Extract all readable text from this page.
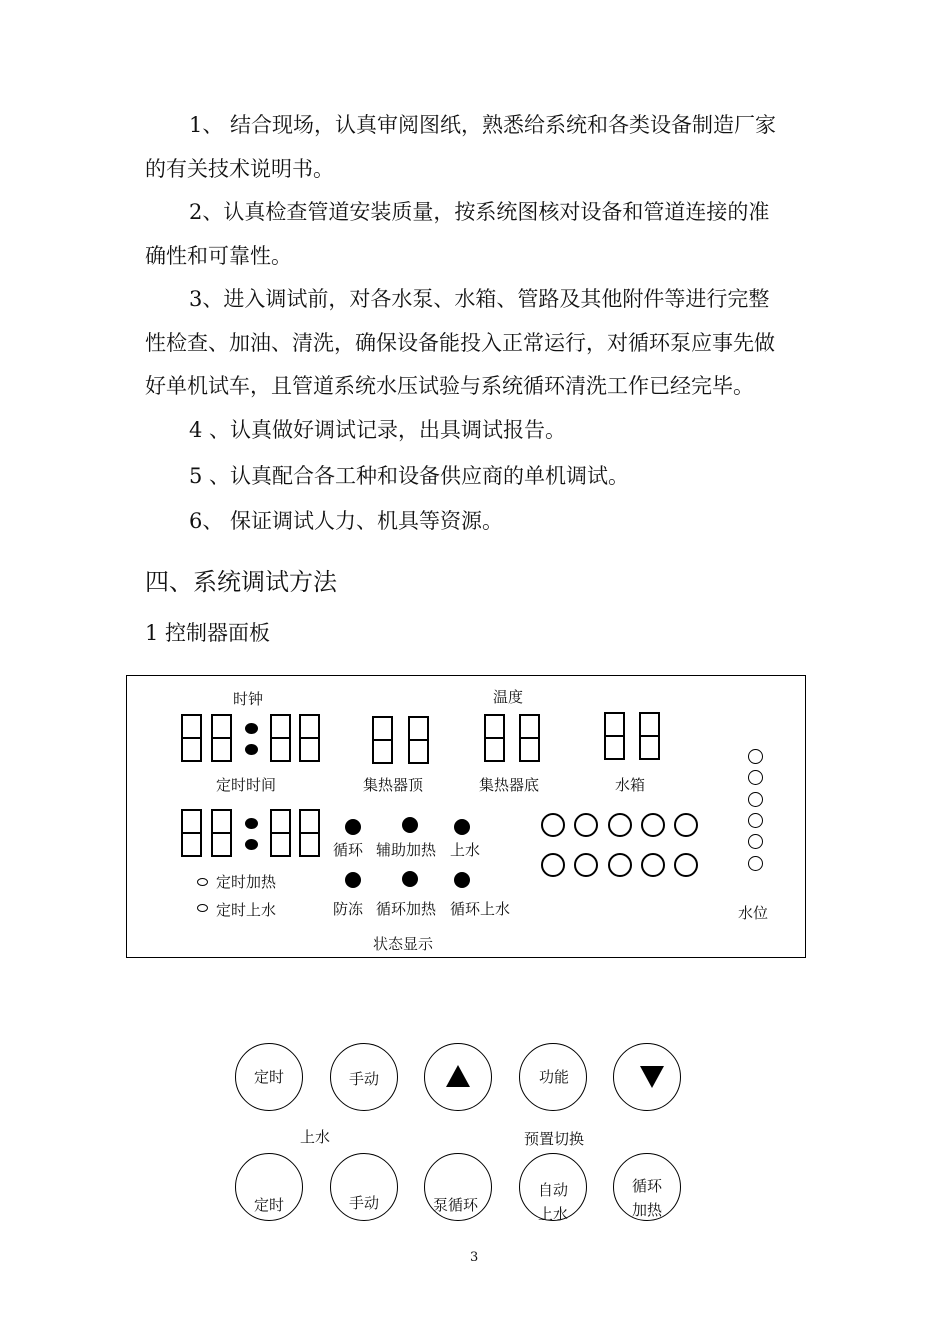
1、 结合现场，认真审阅图纸，熟悉给系统和各类设备制造厂家
的有关技术说明书。
2、认真检查管道安装质量，按系统图核对设备和管道连接的准
确性和可靠性。
3、进入调试前，对各水泵、水箱、管路及其他附件等进行完整
性检查、加油、清洗，确保设备能投入正常运行，对循环泵应事先做
好单机试车，且管道系统水压试验与系统循环清洗工作已经完毕。
4 、认真做好调试记录，出具调试报告。
5 、认真配合各工种和设备供应商的单机调试。
6、 保证调试人力、机具等资源。
四、系统调试方法
1 控制器面板
时钟	温度
定时时间	集热器顶	集热器底	水箱
定时加热
定时上水
循环 辅助加热 上水
防冻 循环加热 循环上水
状态显示
水位
定时	手动	功能
上水	预置切换
定时	手动	泵循环
自动
上水
循环
加热
3
